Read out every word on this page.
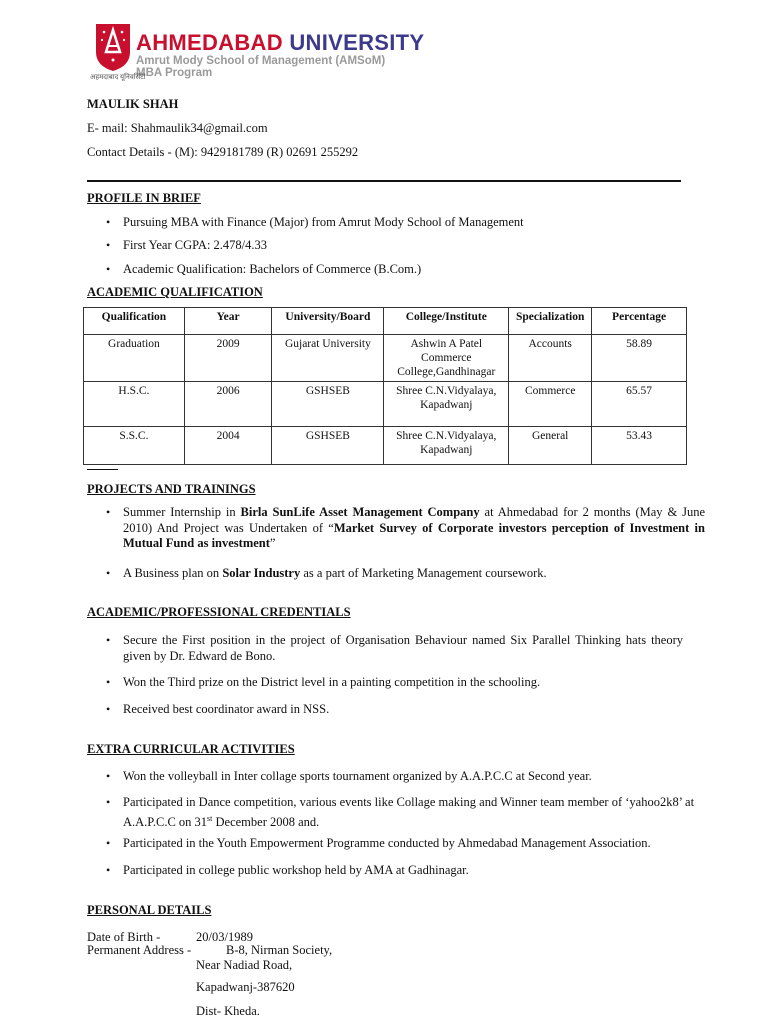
AHMEDABAD UNIVERSITY
Amrut Mody School of Management (AMSoM)
MBA Program
अहमदाबाद यूनिवर्सिटी
MAULIK SHAH
E- mail: Shahmaulik34@gmail.com
Contact Details - (M): 9429181789 (R) 02691 255292
PROFILE IN BRIEF
• Pursuing MBA with Finance (Major) from Amrut Mody School of Management
• First Year CGPA: 2.478/4.33
• Academic Qualification: Bachelors of Commerce (B.Com.)
ACADEMIC QUALIFICATION
Qualification	Year	University/Board	College/Institute	Specialization	Percentage
Graduation	2009	Gujarat University	Ashwin A Patel Commerce College,Gandhinagar	Accounts	58.89
H.S.C.	2006	GSHSEB	Shree C.N.Vidyalaya, Kapadwanj	Commerce	65.57
S.S.C.	2004	GSHSEB	Shree C.N.Vidyalaya, Kapadwanj	General	53.43
PROJECTS AND TRAININGS
• Summer Internship in Birla SunLife Asset Management Company at Ahmedabad for 2 months (May & June 2010) And Project was Undertaken of “Market Survey of Corporate investors perception of Investment in Mutual Fund as investment”
• A Business plan on Solar Industry as a part of Marketing Management coursework.
ACADEMIC/PROFESSIONAL CREDENTIALS
• Secure the First position in the project of Organisation Behaviour named Six Parallel Thinking hats theory given by Dr. Edward de Bono.
• Won the Third prize on the District level in a painting competition in the schooling.
• Received best coordinator award in NSS.
EXTRA CURRICULAR ACTIVITIES
• Won the volleyball in Inter collage sports tournament organized by A.A.P.C.C at Second year.
• Participated in Dance competition, various events like Collage making and Winner team member of ‘yahoo2k8’ at A.A.P.C.C on 31st December 2008 and.
• Participated in the Youth Empowerment Programme conducted by Ahmedabad Management Association.
• Participated in college public workshop held by AMA at Gadhinagar.
PERSONAL DETAILS
Date of Birth -	20/03/1989
Permanent Address -	B-8, Nirman Society,
Near Nadiad Road,
Kapadwanj-387620
Dist- Kheda.
